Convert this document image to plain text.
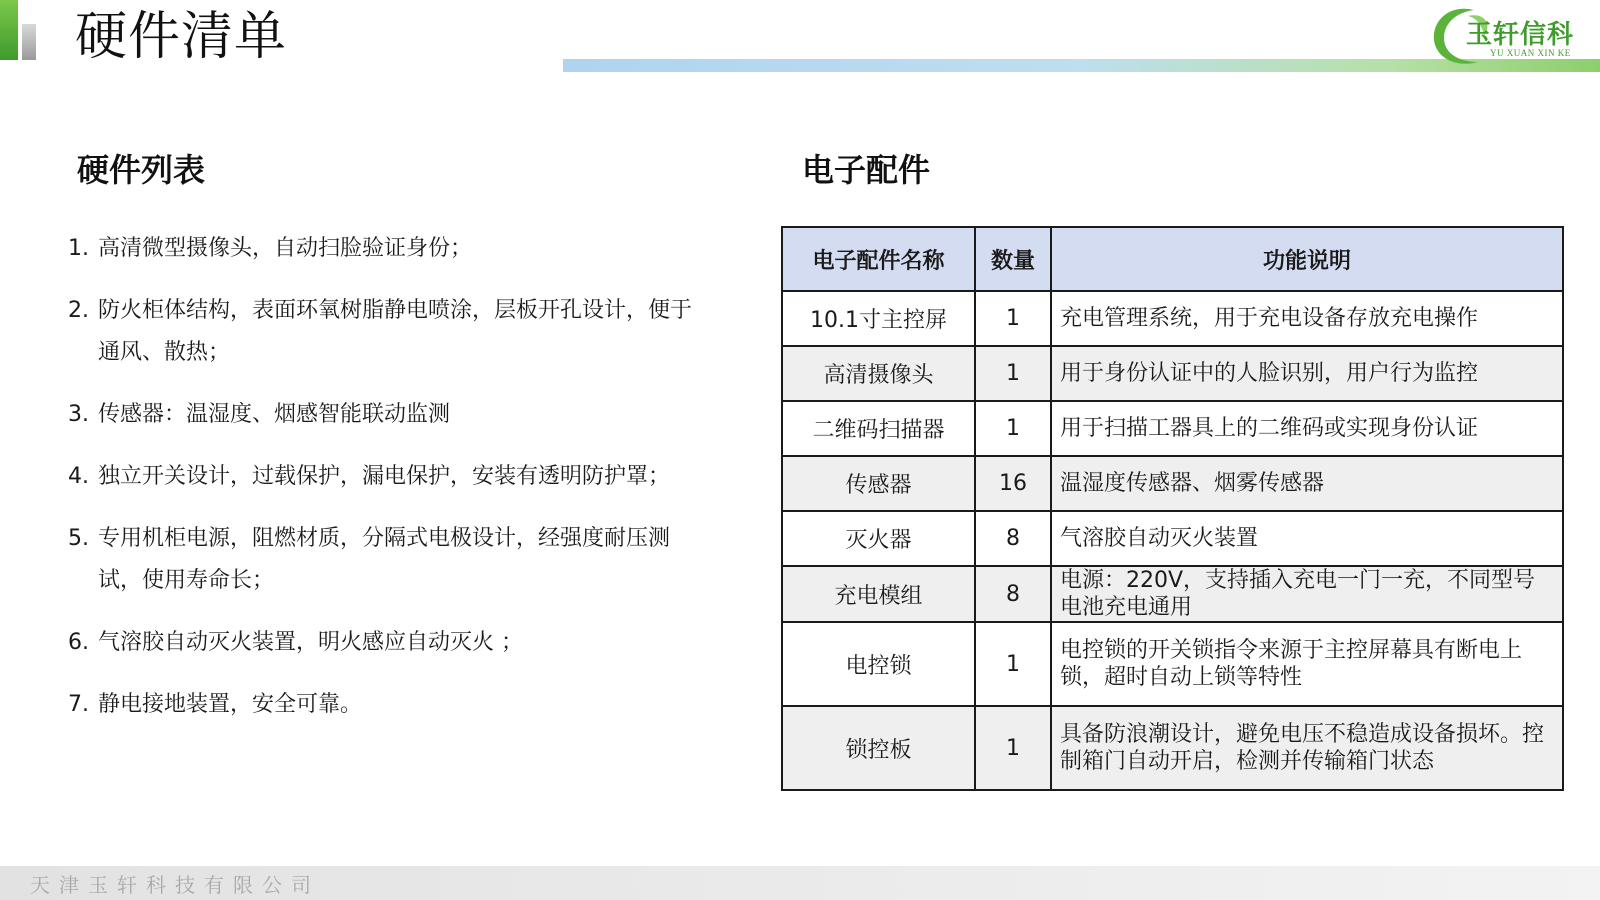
硬件清单	玉轩信科
YU XUAN XIN KE
硬件列表
1. 高清微型摄像头，自动扫脸验证身份；
2. 防火柜体结构，表面环氧树脂静电喷涂，层板开孔设计，便于通风、散热；
3. 传感器：温湿度、烟感智能联动监测
4. 独立开关设计，过载保护，漏电保护，安装有透明防护罩；
5. 专用机柜电源，阻燃材质，分隔式电极设计，经强度耐压测试，使用寿命长；
6. 气溶胶自动灭火装置，明火感应自动灭火 ；
7. 静电接地装置，安全可靠。
电子配件
电子配件名称	数量	功能说明
10.1寸主控屏	1	充电管理系统，用于充电设备存放充电操作
高清摄像头	1	用于身份认证中的人脸识别，用户行为监控
二维码扫描器	1	用于扫描工器具上的二维码或实现身份认证
传感器	16	温湿度传感器、烟雾传感器
灭火器	8	气溶胶自动灭火装置
充电模组	8	电源：220V，支持插入充电一门一充，不同型号电池充电通用
电控锁	1	电控锁的开关锁指令来源于主控屏幕具有断电上锁，超时自动上锁等特性
锁控板	1	具备防浪潮设计，避免电压不稳造成设备损坏。控制箱门自动开启，检测并传输箱门状态
天津玉轩科技有限公司
